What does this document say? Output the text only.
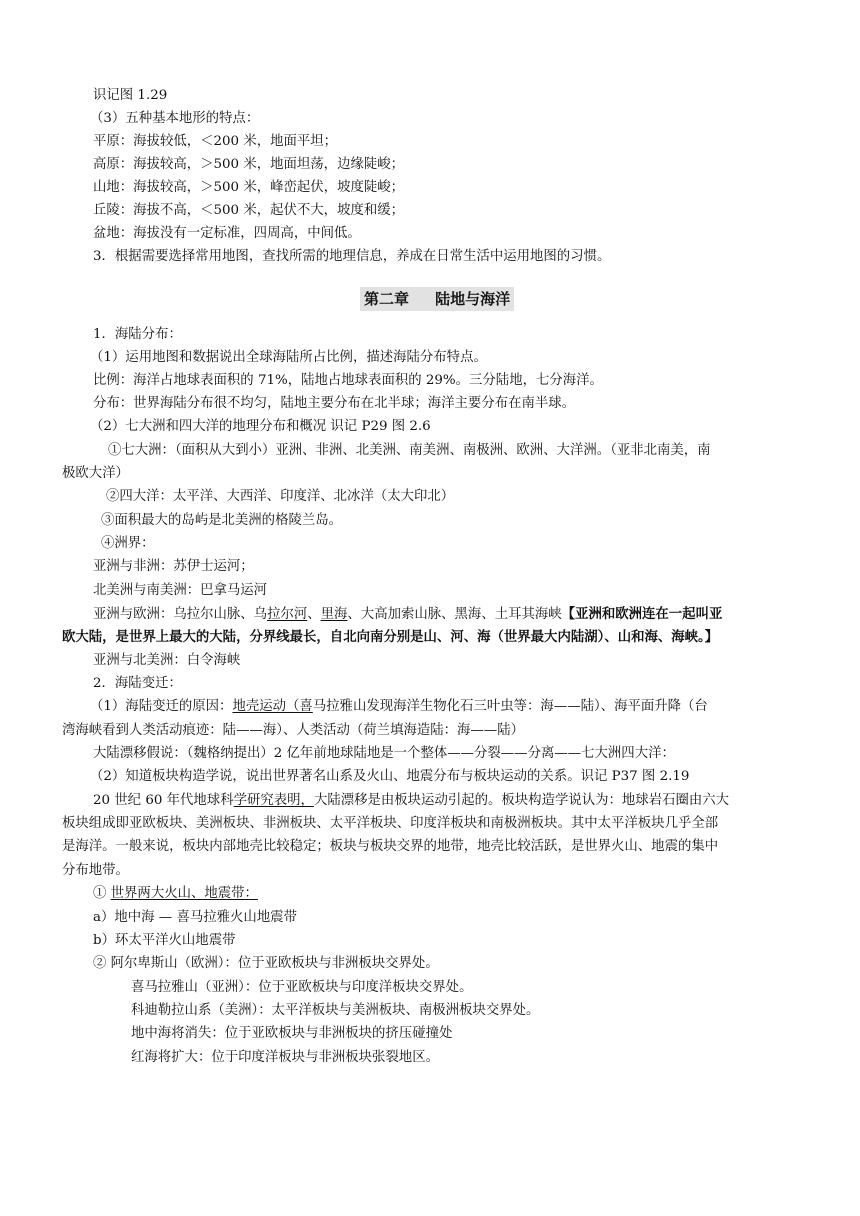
识记图 1.29
（3）五种基本地形的特点：
平原：海拔较低，＜200 米，地面平坦；
高原：海拔较高，＞500 米，地面坦荡，边缘陡峻；
山地：海拔较高，＞500 米，峰峦起伏，坡度陡峻；
丘陵：海拔不高，＜500 米，起伏不大，坡度和缓；
盆地：海拔没有一定标准，四周高，中间低。
3．根据需要选择常用地图，查找所需的地理信息，养成在日常生活中运用地图的习惯。
第二章     陆地与海洋
1．海陆分布：
（1）运用地图和数据说出全球海陆所占比例，描述海陆分布特点。
比例：海洋占地球表面积的 71%，陆地占地球表面积的 29%。三分陆地，七分海洋。
分布：世界海陆分布很不均匀，陆地主要分布在北半球；海洋主要分布在南半球。
（2）七大洲和四大洋的地理分布和概况 识记 P29 图 2.6
①七大洲：（面积从大到小）亚洲、非洲、北美洲、南美洲、南极洲、欧洲、大洋洲。（亚非北南美，南
极欧大洋）
②四大洋：太平洋、大西洋、印度洋、北冰洋（太大印北）
③面积最大的岛屿是北美洲的格陵兰岛。
④洲界：
亚洲与非洲：苏伊士运河；
北美洲与南美洲：巴拿马运河
亚洲与欧洲：乌拉尔山脉、乌拉尔河、里海、大高加索山脉、黑海、土耳其海峡【亚洲和欧洲连在一起叫亚
欧大陆，是世界上最大的大陆，分界线最长，自北向南分别是山、河、海（世界最大内陆湖）、山和海、海峡。】
亚洲与北美洲：白令海峡
2．海陆变迁：
（1）海陆变迁的原因：地壳运动（喜马拉雅山发现海洋生物化石三叶虫等：海——陆）、海平面升降（台
湾海峡看到人类活动痕迹：陆——海）、人类活动（荷兰填海造陆：海——陆）
大陆漂移假说：（魏格纳提出）2 亿年前地球陆地是一个整体——分裂——分离——七大洲四大洋：
（2）知道板块构造学说，说出世界著名山系及火山、地震分布与板块运动的关系。识记 P37 图 2.19
20 世纪 60 年代地球科学研究表明，大陆漂移是由板块运动引起的。板块构造学说认为：地球岩石圈由六大
板块组成即亚欧板块、美洲板块、非洲板块、太平洋板块、印度洋板块和南极洲板块。其中太平洋板块几乎全部
是海洋。一般来说，板块内部地壳比较稳定；板块与板块交界的地带，地壳比较活跃，是世界火山、地震的集中
分布地带。
① 世界两大火山、地震带：
a）地中海 — 喜马拉雅火山地震带
b）环太平洋火山地震带
② 阿尔卑斯山（欧洲）：位于亚欧板块与非洲板块交界处。
喜马拉雅山（亚洲）：位于亚欧板块与印度洋板块交界处。
科迪勒拉山系（美洲）：太平洋板块与美洲板块、南极洲板块交界处。
地中海将消失：位于亚欧板块与非洲板块的挤压碰撞处
红海将扩大：位于印度洋板块与非洲板块张裂地区。
